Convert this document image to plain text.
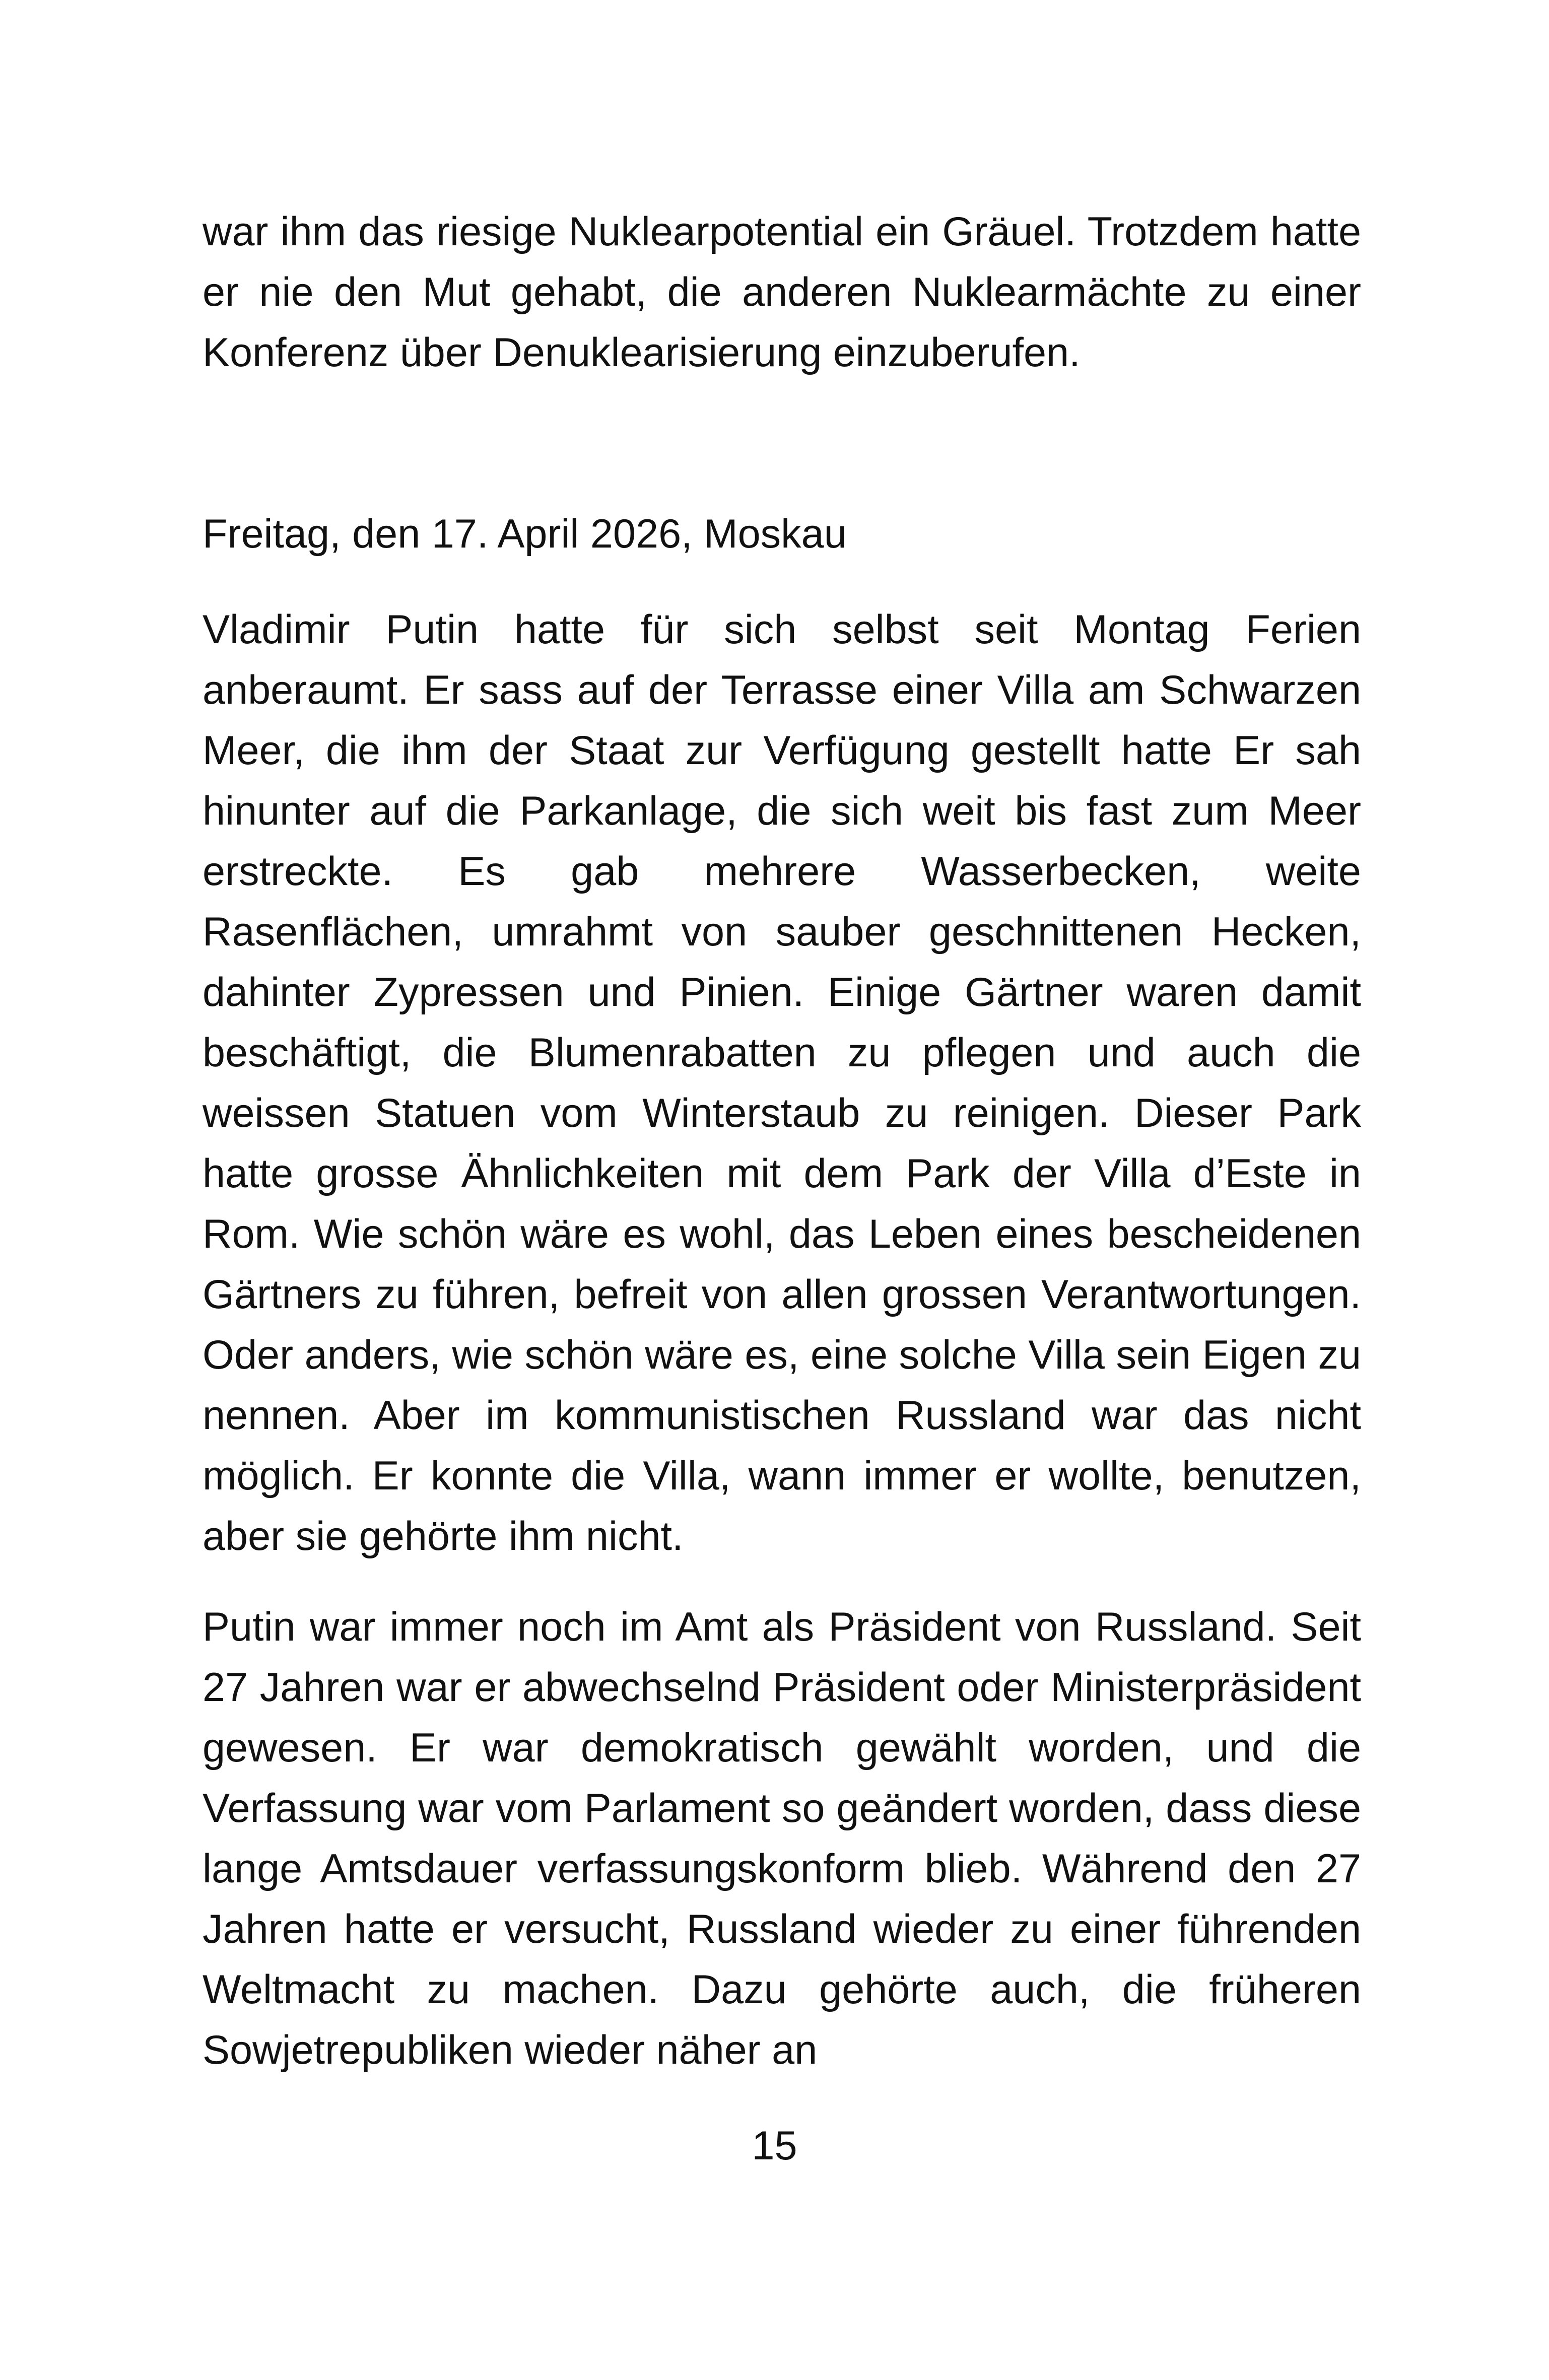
war ihm das riesige Nuklearpotential ein Gräuel. Trotzdem hatte er nie den Mut gehabt, die anderen Nuklearmächte zu einer Konferenz über Denuklearisierung einzuberufen.

Freitag, den 17. April 2026, Moskau

Vladimir Putin hatte für sich selbst seit Montag Ferien anberaumt. Er sass auf der Terrasse einer Villa am Schwarzen Meer, die ihm der Staat zur Verfügung gestellt hatte Er sah hinunter auf die Parkanlage, die sich weit bis fast zum Meer erstreckte. Es gab mehrere Wasserbecken, weite Rasenflächen, umrahmt von sauber geschnittenen Hecken, dahinter Zypressen und Pinien. Einige Gärtner waren damit beschäftigt, die Blumenrabatten zu pflegen und auch die weissen Statuen vom Winterstaub zu reinigen. Dieser Park hatte grosse Ähnlichkeiten mit dem Park der Villa d’Este in Rom. Wie schön wäre es wohl, das Leben eines bescheidenen Gärtners zu führen, befreit von allen grossen Verantwortungen. Oder anders, wie schön wäre es, eine solche Villa sein Eigen zu nennen. Aber im kommunistischen Russland war das nicht möglich. Er konnte die Villa, wann immer er wollte, benutzen, aber sie gehörte ihm nicht.

Putin war immer noch im Amt als Präsident von Russland. Seit 27 Jahren war er abwechselnd Präsident oder Ministerpräsident gewesen. Er war demokratisch gewählt worden, und die Verfassung war vom Parlament so geändert worden, dass diese lange Amtsdauer verfassungskonform blieb. Während den 27 Jahren hatte er versucht, Russland wieder zu einer führenden Weltmacht zu machen. Dazu gehörte auch, die früheren Sowjetrepubliken wieder näher an

15
